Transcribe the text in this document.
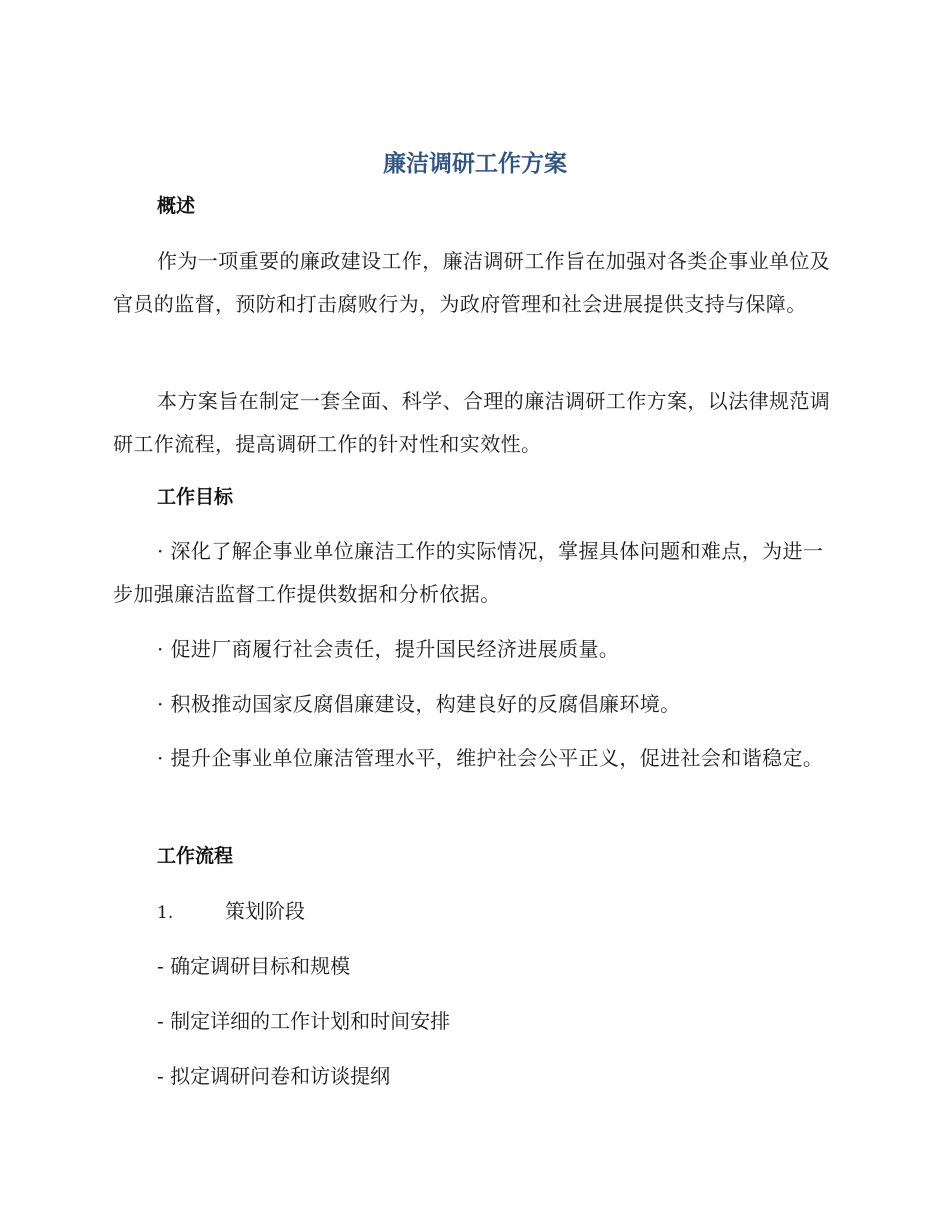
廉洁调研工作方案
概述
作为一项重要的廉政建设工作，廉洁调研工作旨在加强对各类企事业单位及官员的监督，预防和打击腐败行为，为政府管理和社会进展提供支持与保障。
本方案旨在制定一套全面、科学、合理的廉洁调研工作方案，以法律规范调研工作流程，提高调研工作的针对性和实效性。
工作目标
· 深化了解企事业单位廉洁工作的实际情况，掌握具体问题和难点，为进一步加强廉洁监督工作提供数据和分析依据。
· 促进厂商履行社会责任，提升国民经济进展质量。
· 积极推动国家反腐倡廉建设，构建良好的反腐倡廉环境。
· 提升企事业单位廉洁管理水平，维护社会公平正义，促进社会和谐稳定。
工作流程
1.	策划阶段
- 确定调研目标和规模
- 制定详细的工作计划和时间安排
- 拟定调研问卷和访谈提纲
